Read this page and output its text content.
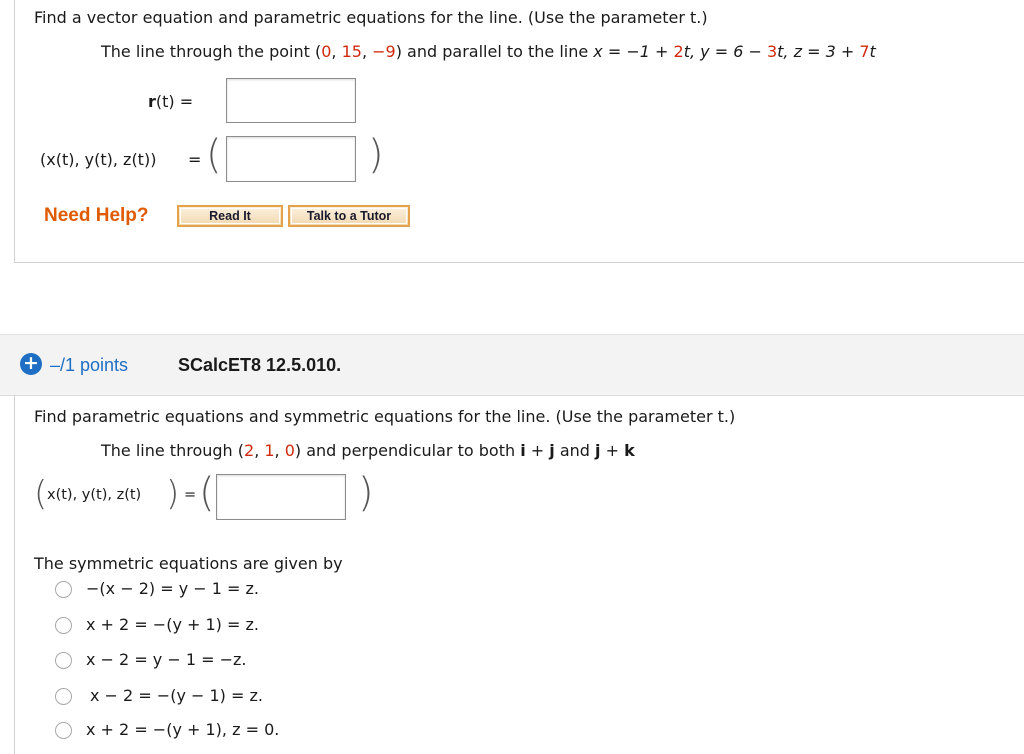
Find a vector equation and parametric equations for the line. (Use the parameter t.)
The line through the point (0, 15, −9) and parallel to the line x = −1 + 2t, y = 6 − 3t, z = 3 + 7t
r(t) =
(x(t), y(t), z(t)) = (	)
Need Help?	Read It	Talk to a Tutor
+ –/1 points	SCalcET8 12.5.010.
Find parametric equations and symmetric equations for the line. (Use the parameter t.)
The line through (2, 1, 0) and perpendicular to both i + j and j + k
( x(t), y(t), z(t) ) = (	)
The symmetric equations are given by
−(x − 2) = y − 1 = z.
x + 2 = −(y + 1) = z.
x − 2 = y − 1 = −z.
x − 2 = −(y − 1) = z.
x + 2 = −(y + 1), z = 0.
